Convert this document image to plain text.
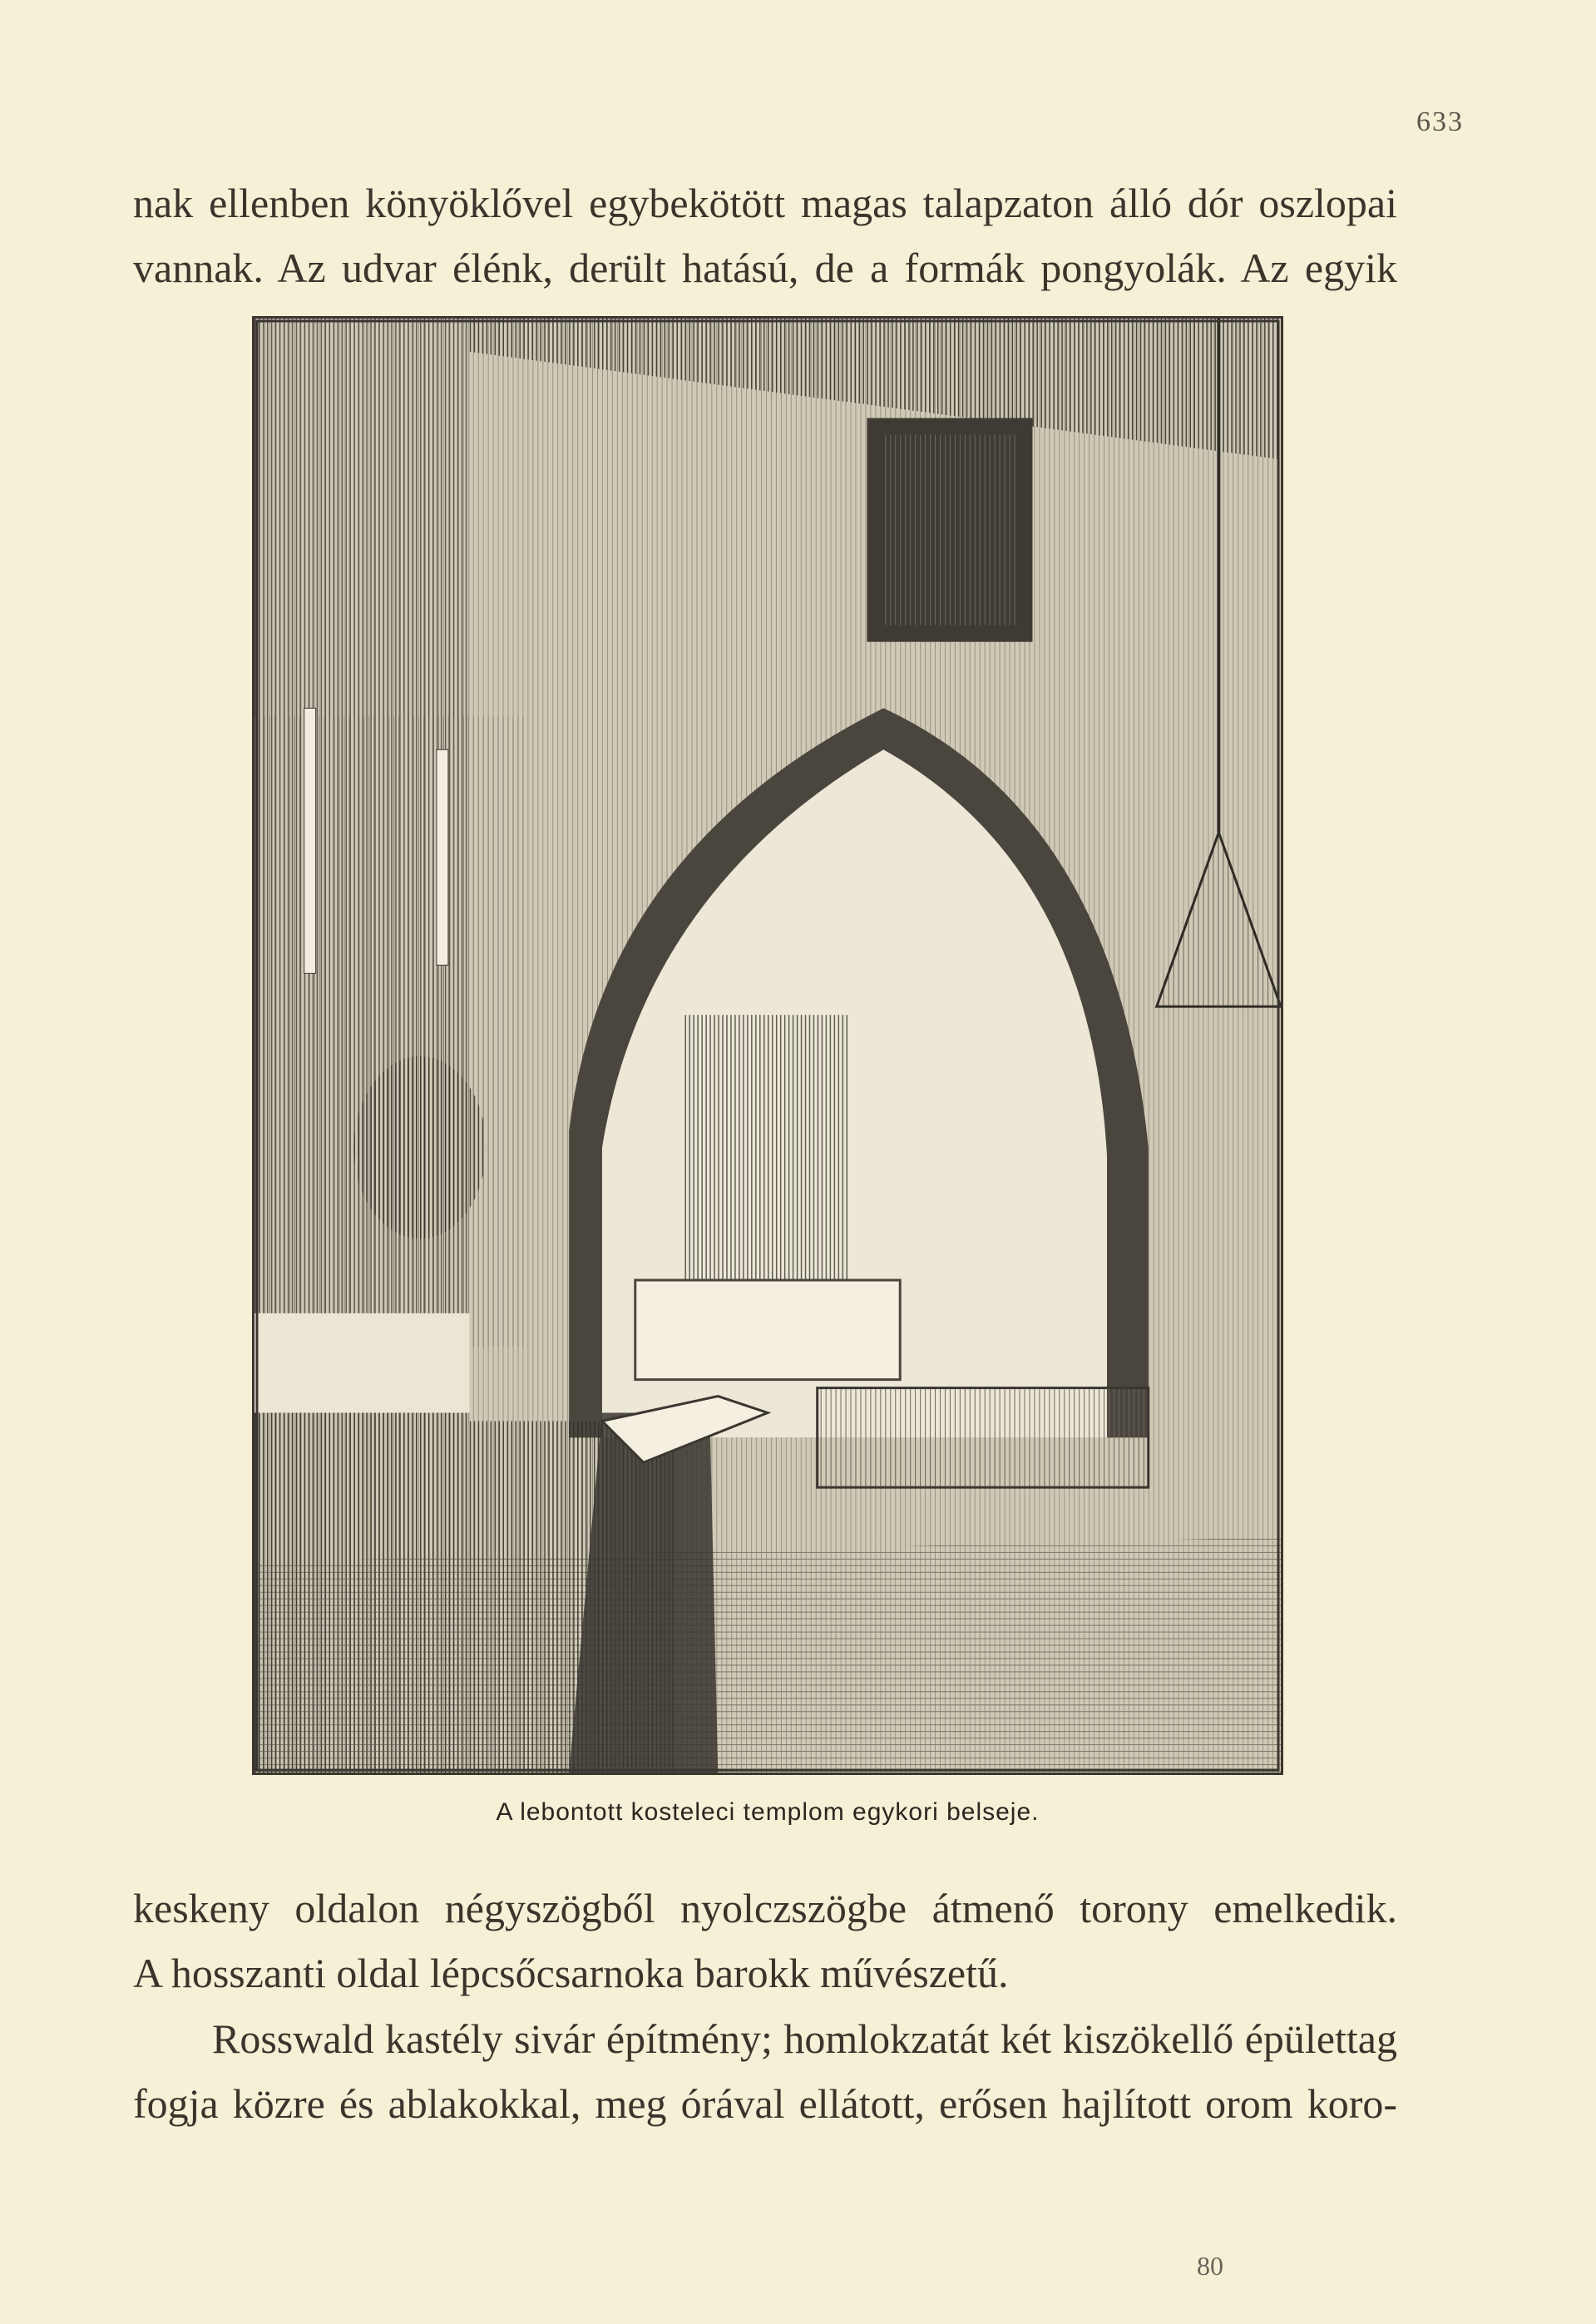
633
nak ellenben könyöklővel egybekötött magas talapzaton álló dór oszlopai
vannak. Az udvar élénk, derült hatású, de a formák pongyolák. Az egyik
A lebontott kosteleci templom egykori belseje.
keskeny oldalon négyszögből nyolczszögbe átmenő torony emelkedik.
A hosszanti oldal lépcsőcsarnoka barokk művészetű.
Rosswald kastély sivár építmény; homlokzatát két kiszökellő épülettag
fogja közre és ablakokkal, meg órával ellátott, erősen hajlított orom koro-
80
